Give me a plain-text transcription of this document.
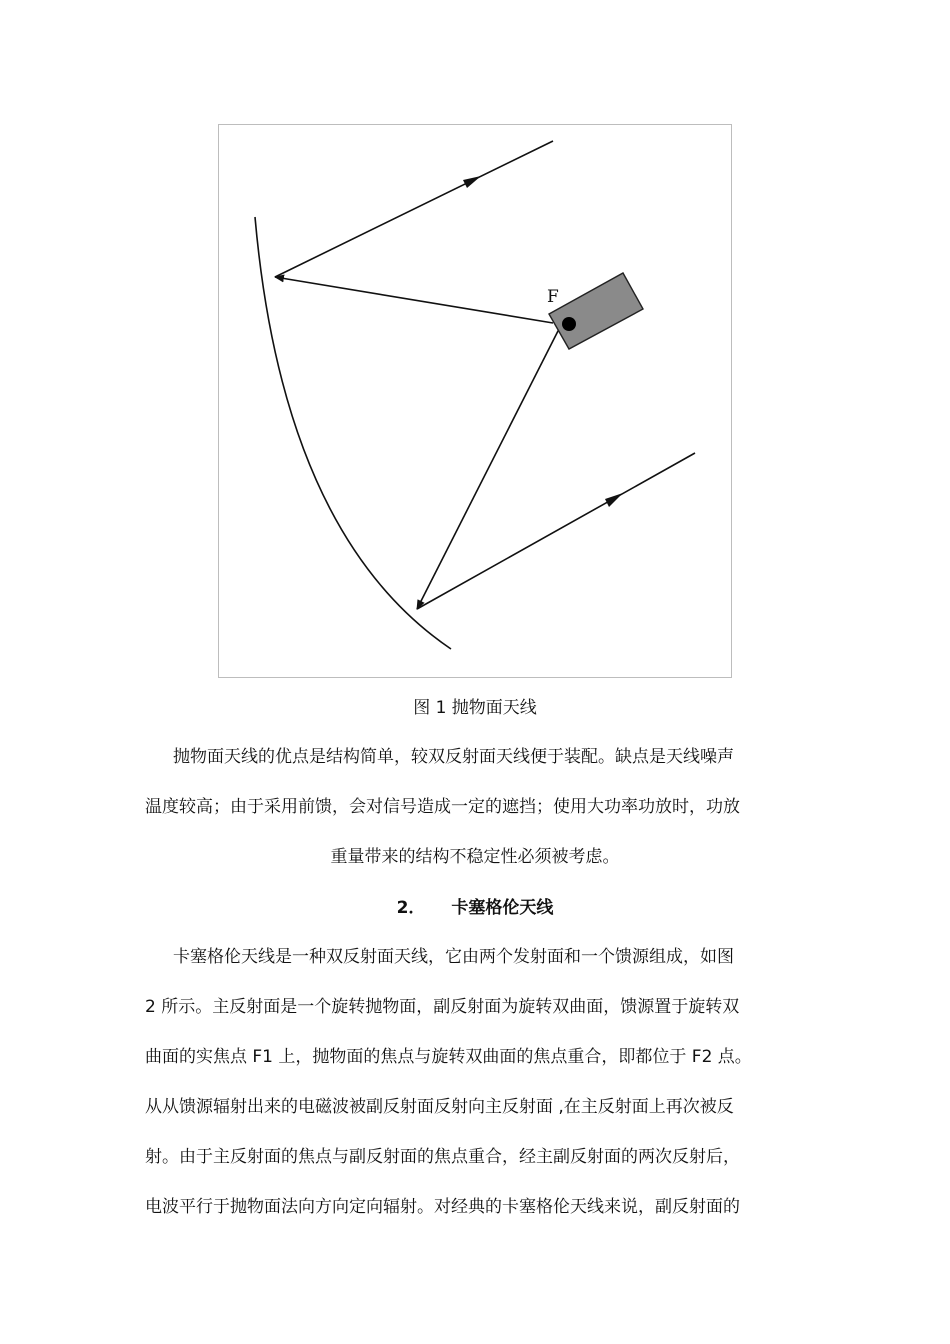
F
图 1 抛物面天线
抛物面天线的优点是结构简单，较双反射面天线便于装配。缺点是天线噪声
温度较高；由于采用前馈，会对信号造成一定的遮挡；使用大功率功放时，功放
重量带来的结构不稳定性必须被考虑。
2． 卡塞格伦天线
卡塞格伦天线是一种双反射面天线，它由两个发射面和一个馈源组成，如图
2 所示。主反射面是一个旋转抛物面，副反射面为旋转双曲面，馈源置于旋转双
曲面的实焦点 F1 上，抛物面的焦点与旋转双曲面的焦点重合，即都位于 F2 点。
从从馈源辐射出来的电磁波被副反射面反射向主反射面 ,在主反射面上再次被反
射。由于主反射面的焦点与副反射面的焦点重合，经主副反射面的两次反射后，
电波平行于抛物面法向方向定向辐射。对经典的卡塞格伦天线来说，副反射面的
